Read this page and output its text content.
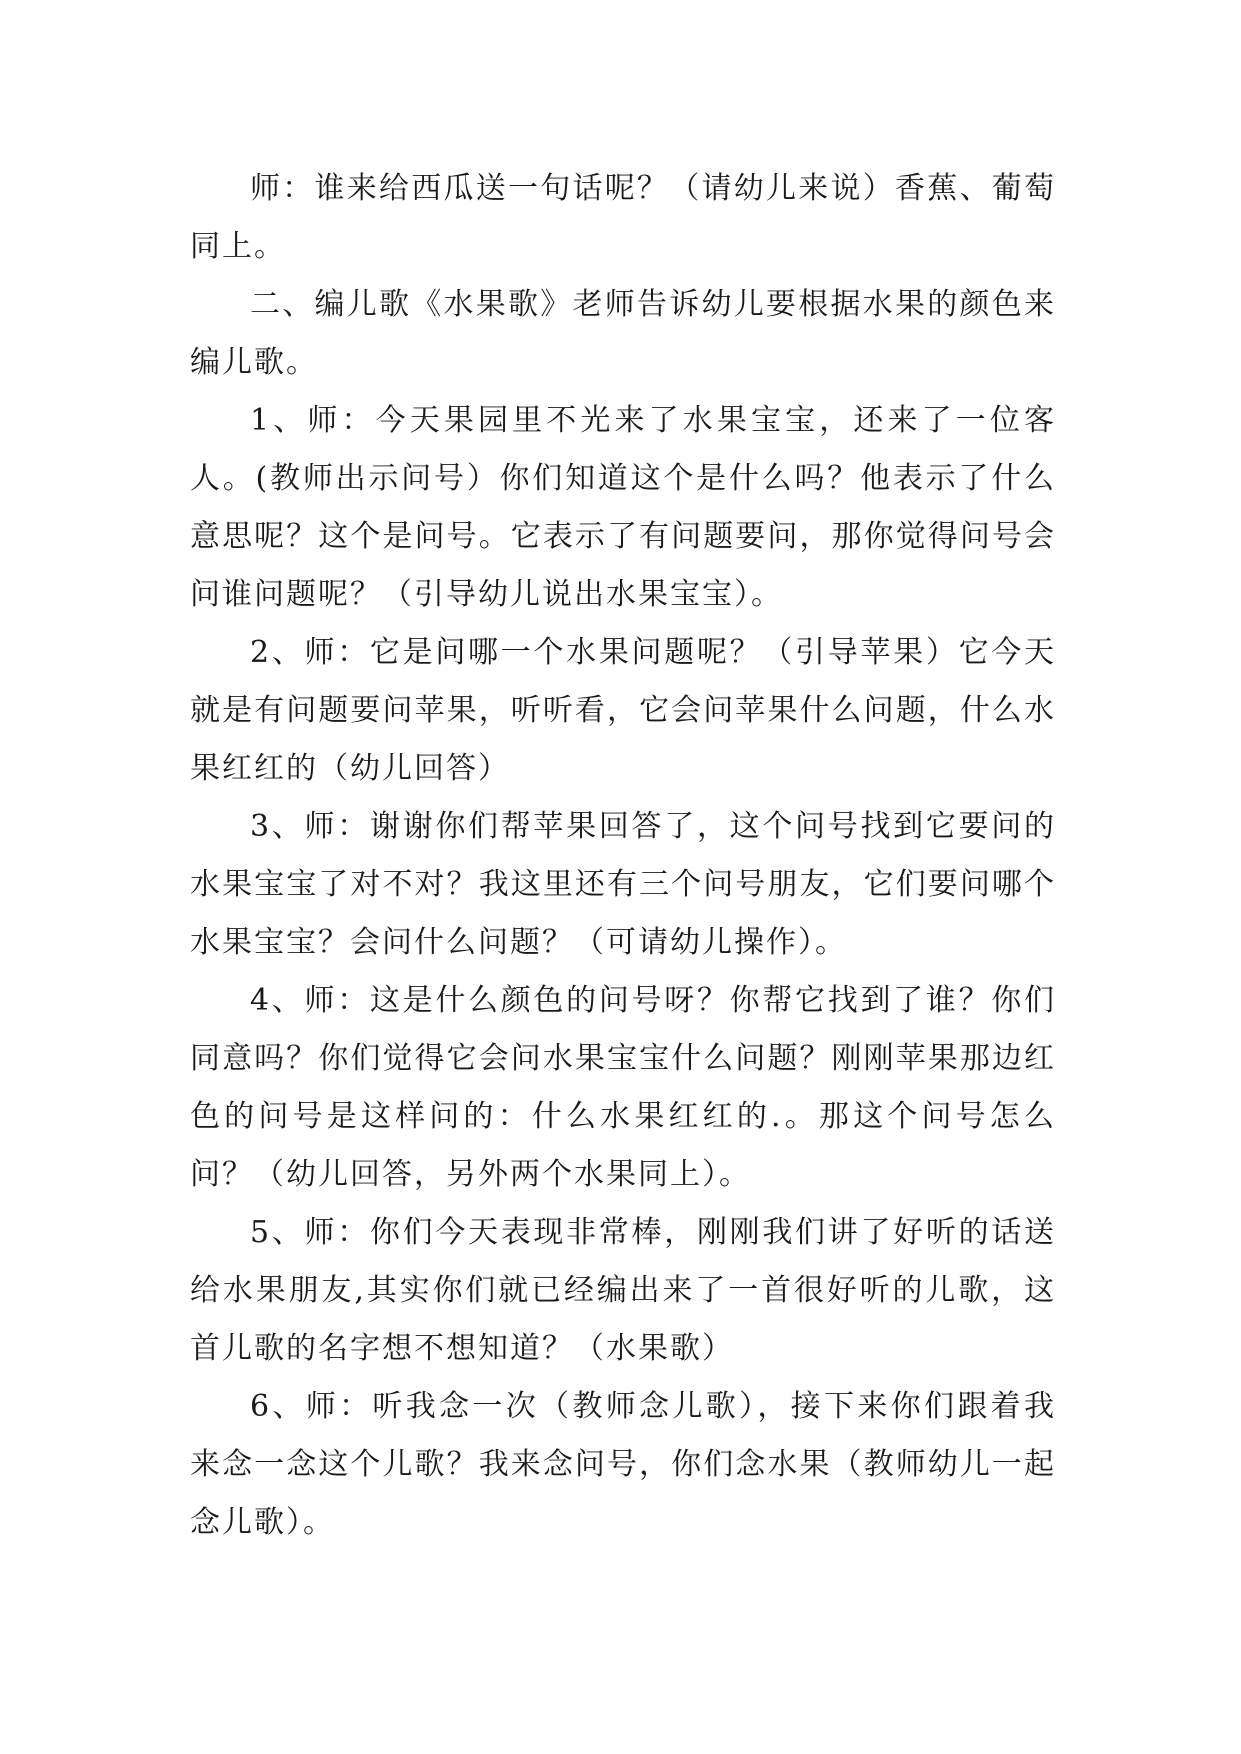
师：谁来给西瓜送一句话呢？（请幼儿来说）香蕉、葡萄同上。

二、编儿歌《水果歌》老师告诉幼儿要根据水果的颜色来编儿歌。

1、师：今天果园里不光来了水果宝宝，还来了一位客人。(教师出示问号）你们知道这个是什么吗？他表示了什么意思呢？这个是问号。它表示了有问题要问，那你觉得问号会问谁问题呢？（引导幼儿说出水果宝宝）。

2、师：它是问哪一个水果问题呢？（引导苹果）它今天就是有问题要问苹果，听听看，它会问苹果什么问题，什么水果红红的（幼儿回答）

3、师：谢谢你们帮苹果回答了，这个问号找到它要问的水果宝宝了对不对？我这里还有三个问号朋友，它们要问哪个水果宝宝？会问什么问题？（可请幼儿操作）。

4、师：这是什么颜色的问号呀？你帮它找到了谁？你们同意吗？你们觉得它会问水果宝宝什么问题？刚刚苹果那边红色的问号是这样问的：什么水果红红的.。那这个问号怎么问？（幼儿回答，另外两个水果同上）。

5、师：你们今天表现非常棒，刚刚我们讲了好听的话送给水果朋友,其实你们就已经编出来了一首很好听的儿歌，这首儿歌的名字想不想知道？（水果歌）

6、师：听我念一次（教师念儿歌），接下来你们跟着我来念一念这个儿歌？我来念问号，你们念水果（教师幼儿一起念儿歌）。
